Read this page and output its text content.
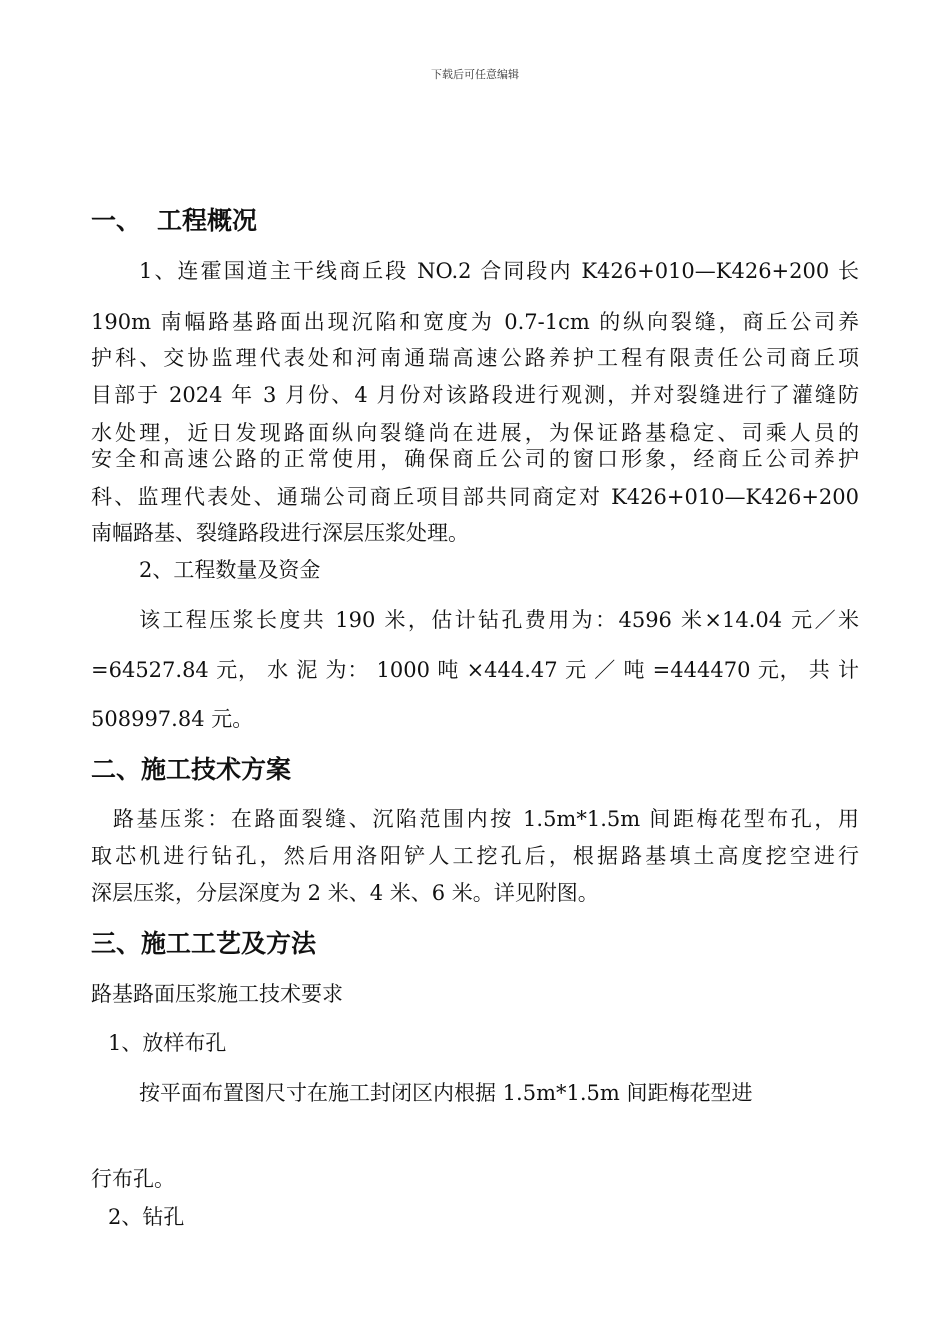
下载后可任意编辑
一、 工程概况
1、连霍国道主干线商丘段 NO.2 合同段内 K426+010—K426+200 长
190m 南幅路基路面出现沉陷和宽度为 0.7-1cm 的纵向裂缝，商丘公司养
护科、交协监理代表处和河南通瑞高速公路养护工程有限责任公司商丘项
目部于 2024 年 3 月份、4 月份对该路段进行观测，并对裂缝进行了灌缝防
水处理，近日发现路面纵向裂缝尚在进展，为保证路基稳定、司乘人员的
安全和高速公路的正常使用，确保商丘公司的窗口形象，经商丘公司养护
科、监理代表处、通瑞公司商丘项目部共同商定对 K426+010—K426+200
南幅路基、裂缝路段进行深层压浆处理。
2、工程数量及资金
该工程压浆长度共 190 米，估计钻孔费用为：4596 米×14.04 元／米
=64527.84 元， 水 泥 为： 1000 吨 ×444.47 元 ／ 吨 =444470 元， 共 计
508997.84 元。
二、施工技术方案
路基压浆：在路面裂缝、沉陷范围内按 1.5m*1.5m 间距梅花型布孔，用
取芯机进行钻孔，然后用洛阳铲人工挖孔后，根据路基填土高度挖空进行
深层压浆，分层深度为 2 米、4 米、6 米。详见附图。
三、施工工艺及方法
路基路面压浆施工技术要求
1、放样布孔
按平面布置图尺寸在施工封闭区内根据 1.5m*1.5m 间距梅花型进
行布孔。
2、钻孔
